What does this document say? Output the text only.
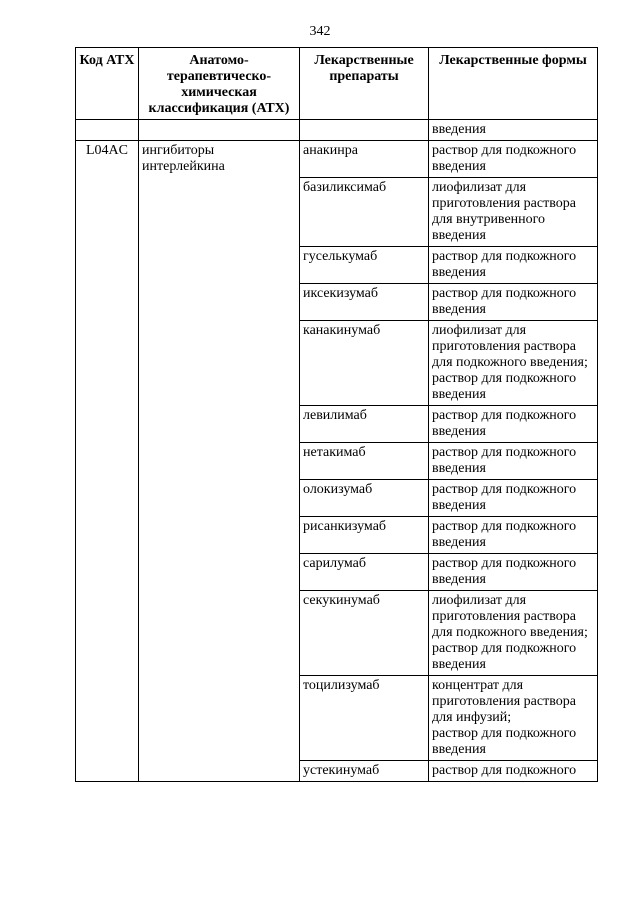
342
Код АТХ	Анатомо-терапевтическо-химическая классификация (АТХ)	Лекарственные препараты	Лекарственные формы
			введения
L04AC	ингибиторы интерлейкина	анакинра	раствор для подкожного введения

		базиликсимаб	лиофилизат для приготовления раствора для внутривенного введения

		гуселькумаб	раствор для подкожного введения

		иксекизумаб	раствор для подкожного введения

		канакинумаб	лиофилизат для приготовления раствора для подкожного введения;
раствор для подкожного введения

		левилимаб	раствор для подкожного введения

		нетакимаб	раствор для подкожного введения

		олокизумаб	раствор для подкожного введения

		рисанкизумаб	раствор для подкожного введения

		сарилумаб	раствор для подкожного введения

		секукинумаб	лиофилизат для приготовления раствора для подкожного введения;
раствор для подкожного введения

		тоцилизумаб	концентрат для приготовления раствора для инфузий;
раствор для подкожного введения

		устекинумаб	раствор для подкожного
